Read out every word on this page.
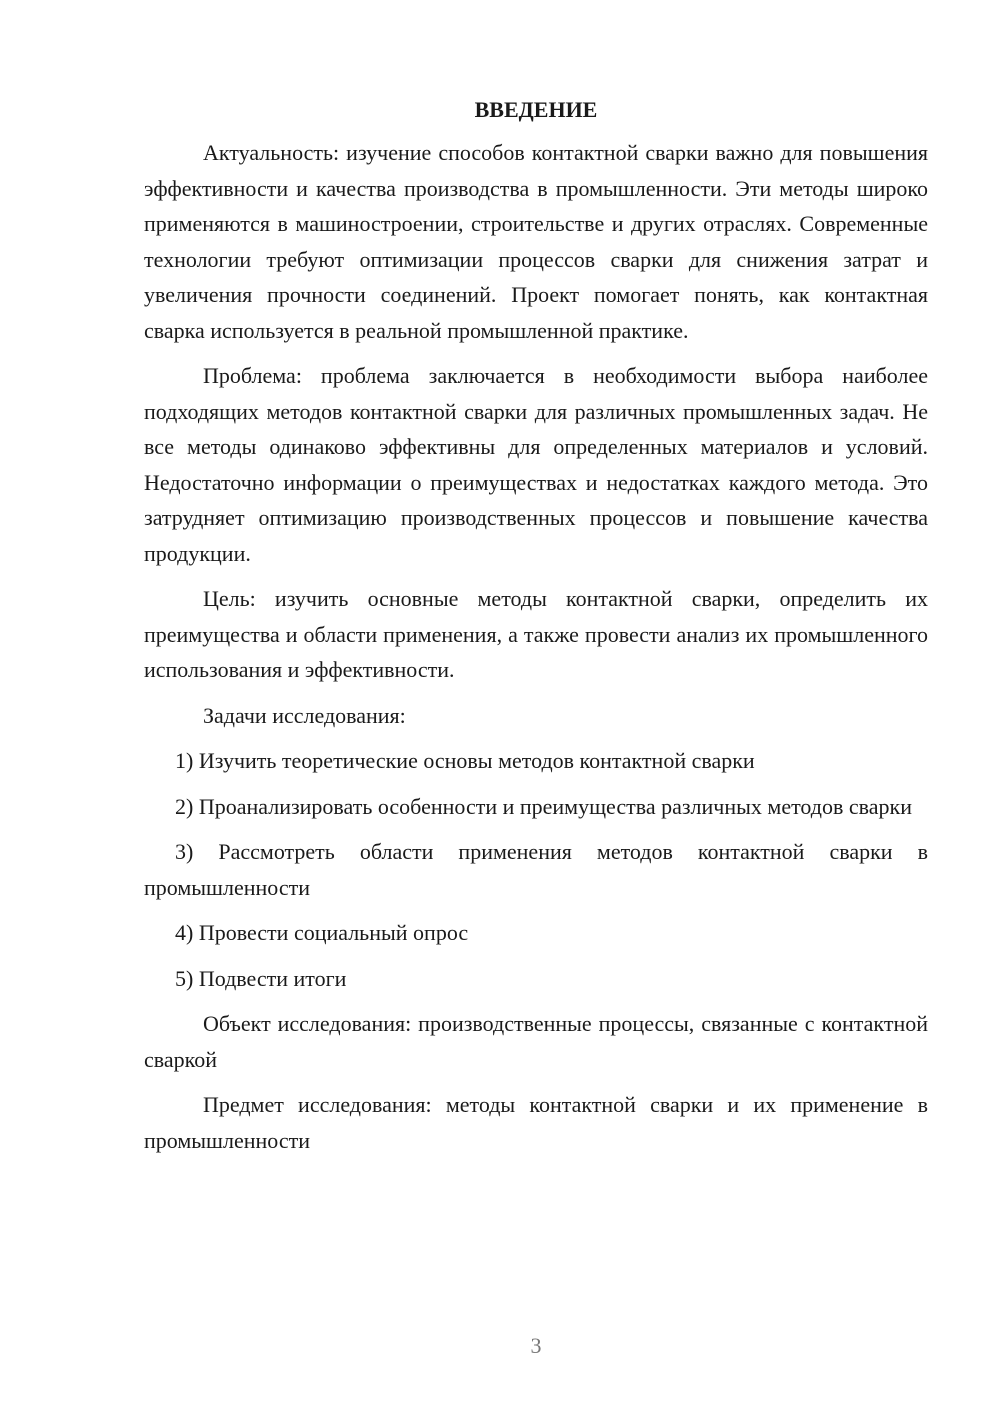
ВВЕДЕНИЕ

Актуальность: изучение способов контактной сварки важно для повышения эффективности и качества производства в промышленности. Эти методы широко применяются в машиностроении, строительстве и других отраслях. Современные технологии требуют оптимизации процессов сварки для снижения затрат и увеличения прочности соединений. Проект помогает понять, как контактная сварка используется в реальной промышленной практике.

Проблема: проблема заключается в необходимости выбора наиболее подходящих методов контактной сварки для различных промышленных задач. Не все методы одинаково эффективны для определенных материалов и условий. Недостаточно информации о преимуществах и недостатках каждого метода. Это затрудняет оптимизацию производственных процессов и повышение качества продукции.

Цель: изучить основные методы контактной сварки, определить их преимущества и области применения, а также провести анализ их промышленного использования и эффективности.

Задачи исследования:

1) Изучить теоретические основы методов контактной сварки

2) Проанализировать особенности и преимущества различных методов сварки

3) Рассмотреть области применения методов контактной сварки в промышленности

4) Провести социальный опрос

5) Подвести итоги

Объект исследования: производственные процессы, связанные с контактной сваркой

Предмет исследования: методы контактной сварки и их применение в промышленности

3
